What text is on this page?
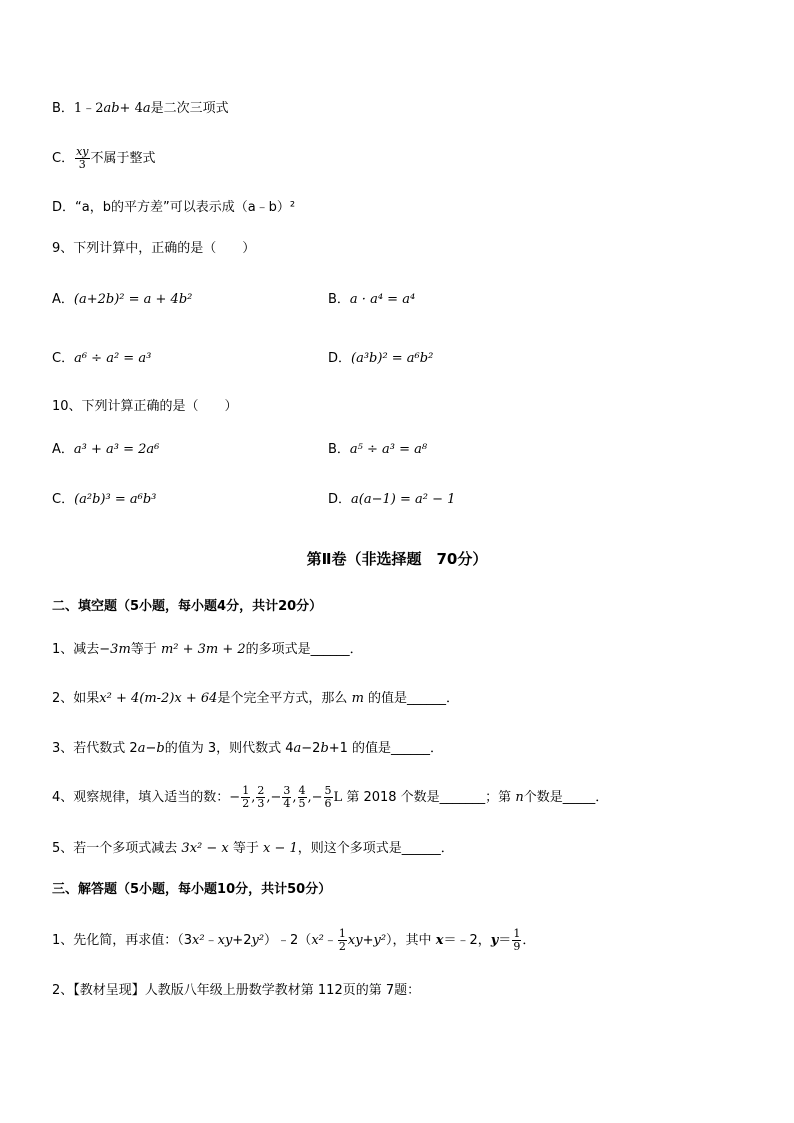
B．1﹣2ab+ 4a是二次三项式
C． $\frac{xy}{3}$ 不属于整式
D．“a，b的平方差”可以表示成（a﹣b）²
9、下列计算中，正确的是（　　）
A．(a+2b)² = a + 4b²	B．a · a⁴ = a⁴
C．a⁶ ÷ a² = a³	D．(a³b)² = a⁶b²
10、下列计算正确的是（　　）
A．a³ + a³ = 2a⁶	B．a⁵ ÷ a³ = a⁸
C．(a²b)³ = a⁶b³	D．a(a−1) = a² − 1
第Ⅱ卷（非选择题　70分）
二、填空题（5小题，每小题4分，共计20分）
1、减去−3m等于 m² + 3m + 2的多项式是______．
2、如果x² + 4(m-2)x + 64是个完全平方式，那么 m 的值是______．
3、若代数式 2a−b的值为 3，则代数式 4a−2b+1 的值是______．
4、观察规律，填入适当的数：− $\frac{1}{2}$ , $\frac{2}{3}$ ,− $\frac{3}{4}$ , $\frac{4}{5}$ ,− $\frac{5}{6}$ L 第 2018 个数是_______；第 n个数是_____．
5、若一个多项式减去 3x² − x 等于 x − 1，则这个多项式是______．
三、解答题（5小题，每小题10分，共计50分）
1、先化简，再求值：（3x²﹣xy+2y²）﹣2（x²﹣ $\frac{1}{2} xy+y^2$），其中 x＝﹣2，$y= \frac{1}{9}$ ．
2、【教材呈现】人教版八年级上册数学教材第 112页的第 7题：
